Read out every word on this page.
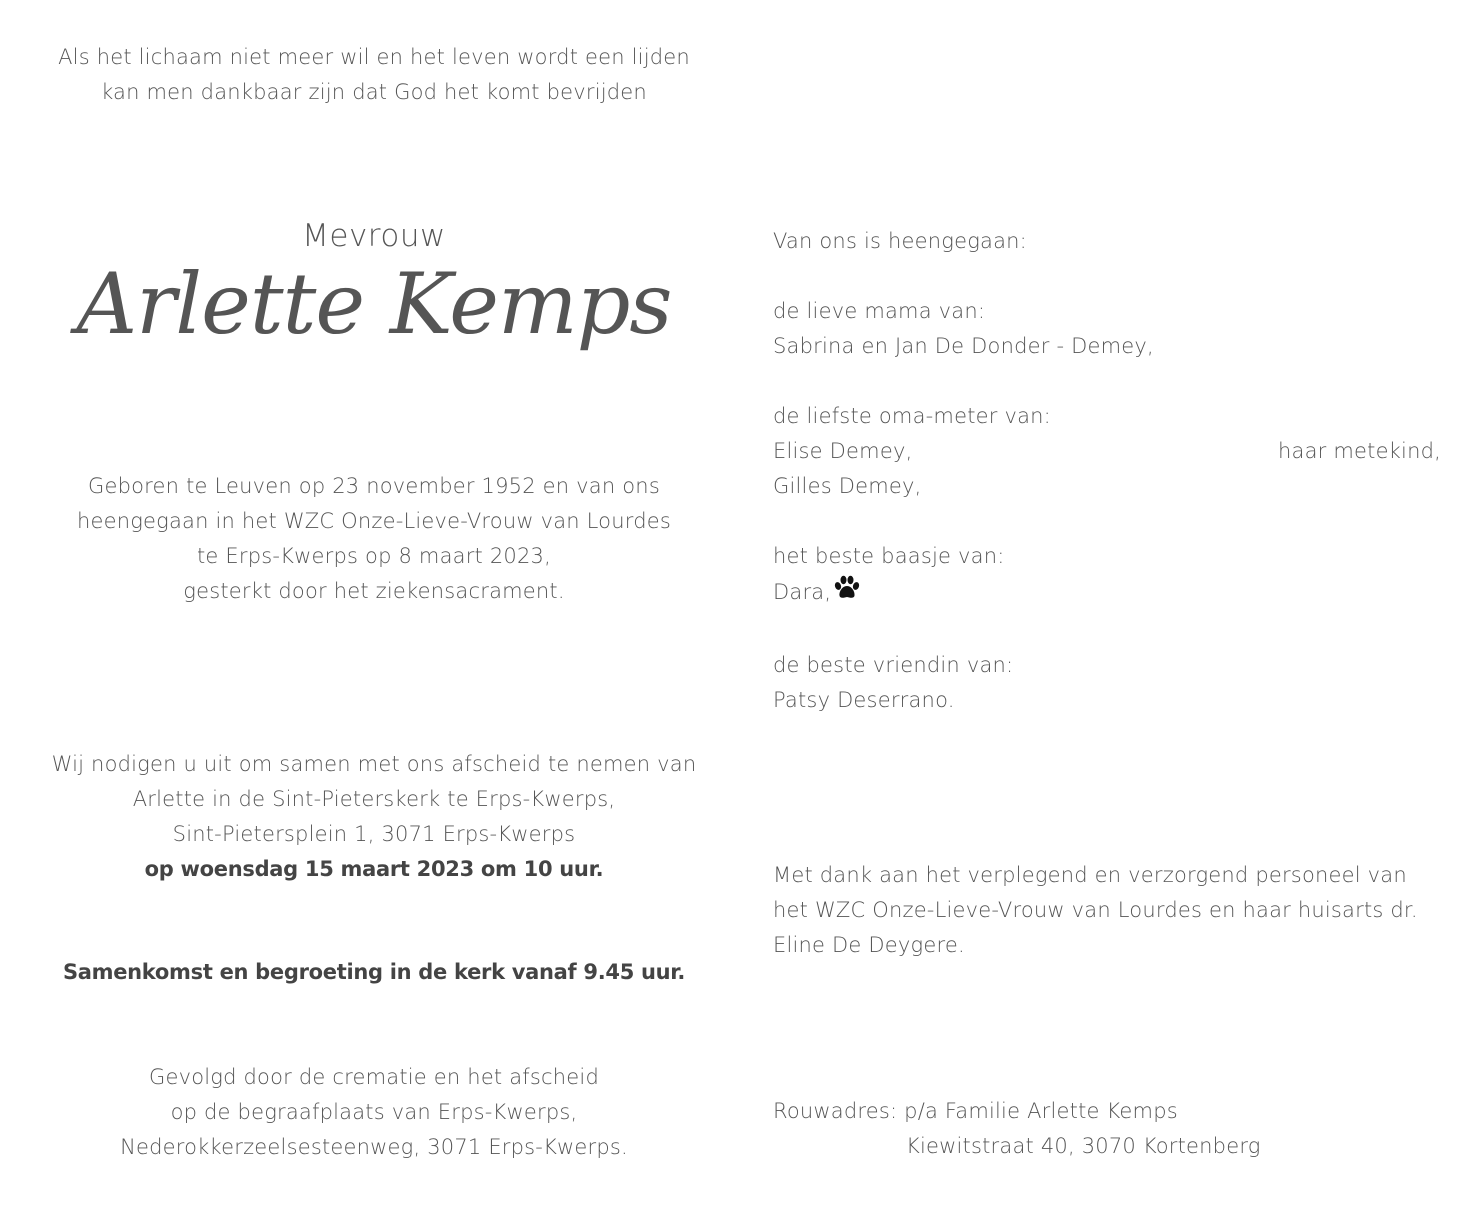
Als het lichaam niet meer wil en het leven wordt een lijden
kan men dankbaar zijn dat God het komt bevrijden
Mevrouw
Arlette Kemps
Geboren te Leuven op 23 november 1952 en van ons
heengegaan in het WZC Onze-Lieve-Vrouw van Lourdes
te Erps-Kwerps op 8 maart 2023,
gesterkt door het ziekensacrament.
Wij nodigen u uit om samen met ons afscheid te nemen van
Arlette in de Sint-Pieterskerk te Erps-Kwerps,
Sint-Pietersplein 1, 3071 Erps-Kwerps
op woensdag 15 maart 2023 om 10 uur.
Samenkomst en begroeting in de kerk vanaf 9.45 uur.
Gevolgd door de crematie en het afscheid
op de begraafplaats van Erps-Kwerps,
Nederokkerzeelsesteenweg, 3071 Erps-Kwerps.
Van ons is heengegaan:
de lieve mama van:
Sabrina en Jan De Donder - Demey,
de liefste oma-meter van:
Elise Demey,	haar metekind,
Gilles Demey,
het beste baasje van:
Dara,
de beste vriendin van:
Patsy Deserrano.
Met dank aan het verplegend en verzorgend personeel van
het WZC Onze-Lieve-Vrouw van Lourdes en haar huisarts dr.
Eline De Deygere.
Rouwadres: p/a Familie Arlette Kemps
Kiewitstraat 40, 3070 Kortenberg
